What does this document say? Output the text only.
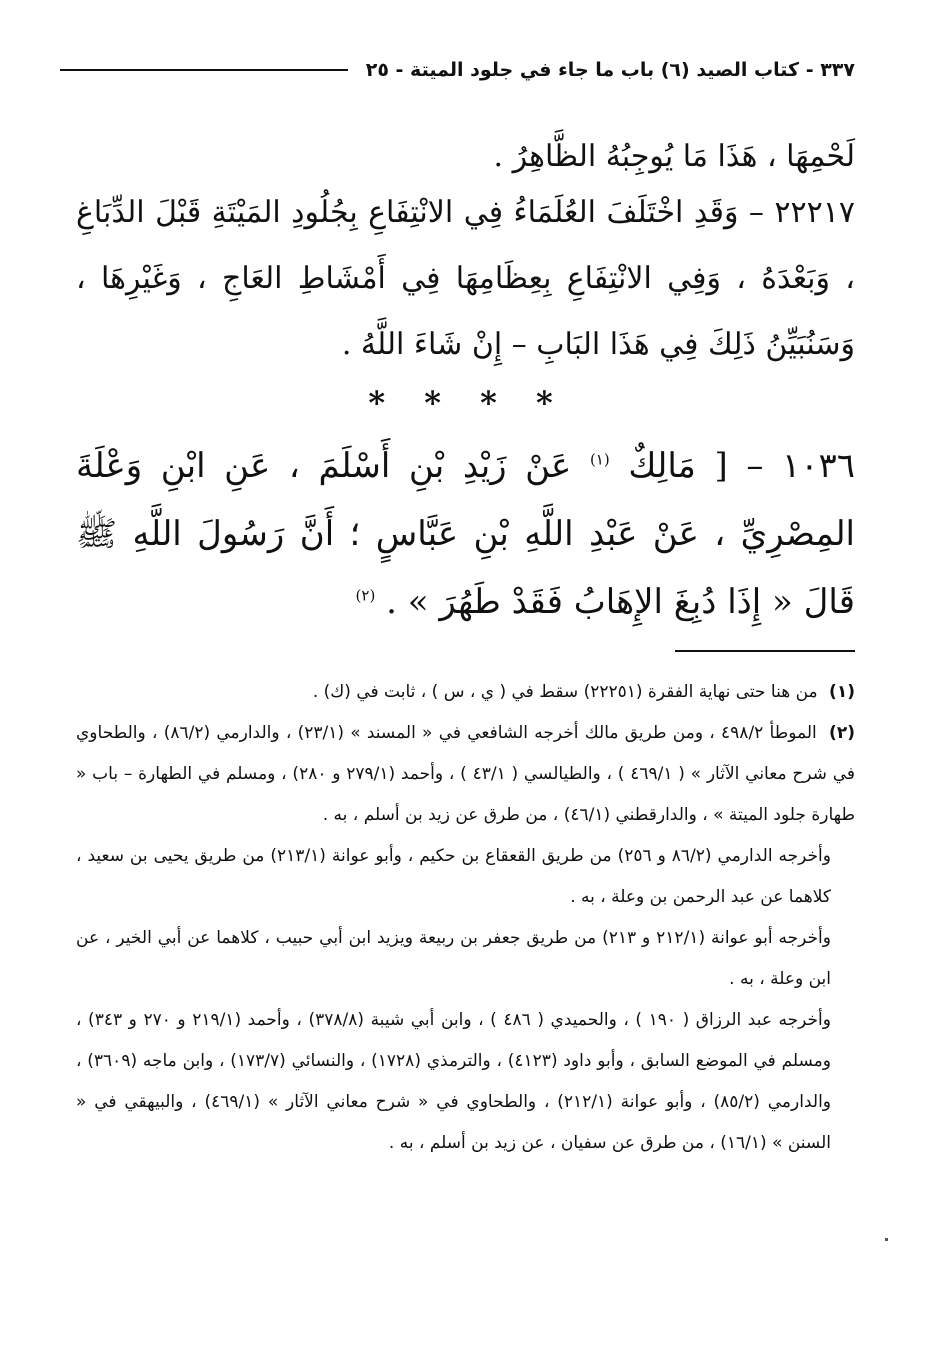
٣٣٧ - كتاب الصيد (٦) باب ما جاء في جلود الميتة - ٢٥
لَحْمِهَا ، هَذَا مَا يُوجِبُهُ الظَّاهِرُ .
٢٢٢١٧ – وَقَدِ اخْتَلَفَ العُلَمَاءُ فِي الانْتِفَاعِ بِجُلُودِ المَيْتَةِ قَبْلَ الدِّبَاغِ ، وَبَعْدَهُ ، وَفِي الانْتِفَاعِ بِعِظَامِهَا فِي أَمْشَاطِ العَاجِ ، وَغَيْرِهَا ، وَسَنُبَيِّنُ ذَلِكَ فِي هَذَا البَابِ – إِنْ شَاءَ اللَّهُ .
* * * *
١٠٣٦ – [ مَالِكٌ $^{(١)}$ عَنْ زَيْدِ بْنِ أَسْلَمَ ، عَنِ ابْنِ وَعْلَةَ المِصْرِيِّ ، عَنْ عَبْدِ اللَّهِ بْنِ عَبَّاسٍ ؛ أَنَّ رَسُولَ اللَّهِ ﷺ قَالَ « إِذَا دُبِغَ الإِهَابُ فَقَدْ طَهُرَ » . $^{(٢)}$

(١) من هنا حتى نهاية الفقرة (٢٢٢٥١) سقط في ( ي ، س ) ، ثابت في (ك) .

(٢) الموطأ ٤٩٨/٢ ، ومن طريق مالك أخرجه الشافعي في « المسند » (٢٣/١) ، والدارمي (٨٦/٢) ، والطحاوي في شرح معاني الآثار » ( ٤٦٩/١ ) ، والطيالسي ( ٤٣/١ ) ، وأحمد (٢٧٩/١ و ٢٨٠) ، ومسلم في الطهارة – باب « طهارة جلود الميتة » ، والدارقطني (٤٦/١) ، من طرق عن زيد بن أسلم ، به .

وأخرجه الدارمي (٨٦/٢ و ٢٥٦) من طريق القعقاع بن حكيم ، وأبو عوانة (٢١٣/١) من طريق يحيى بن سعيد ، كلاهما عن عبد الرحمن بن وعلة ، به .

وأخرجه أبو عوانة (٢١٢/١ و ٢١٣) من طريق جعفر بن ربيعة ويزيد ابن أبي حبيب ، كلاهما عن أبي الخير ، عن ابن وعلة ، به .

وأخرجه عبد الرزاق ( ١٩٠ ) ، والحميدي ( ٤٨٦ ) ، وابن أبي شيبة (٣٧٨/٨) ، وأحمد (٢١٩/١ و ٢٧٠ و ٣٤٣) ، ومسلم في الموضع السابق ، وأبو داود (٤١٢٣) ، والترمذي (١٧٢٨) ، والنسائي (١٧٣/٧) ، وابن ماجه (٣٦٠٩) ، والدارمي (٨٥/٢) ، وأبو عوانة (٢١٢/١) ، والطحاوي في « شرح معاني الآثار » (٤٦٩/١) ، والبيهقي في « السنن » (١٦/١) ، من طرق عن سفيان ، عن زيد بن أسلم ، به .
